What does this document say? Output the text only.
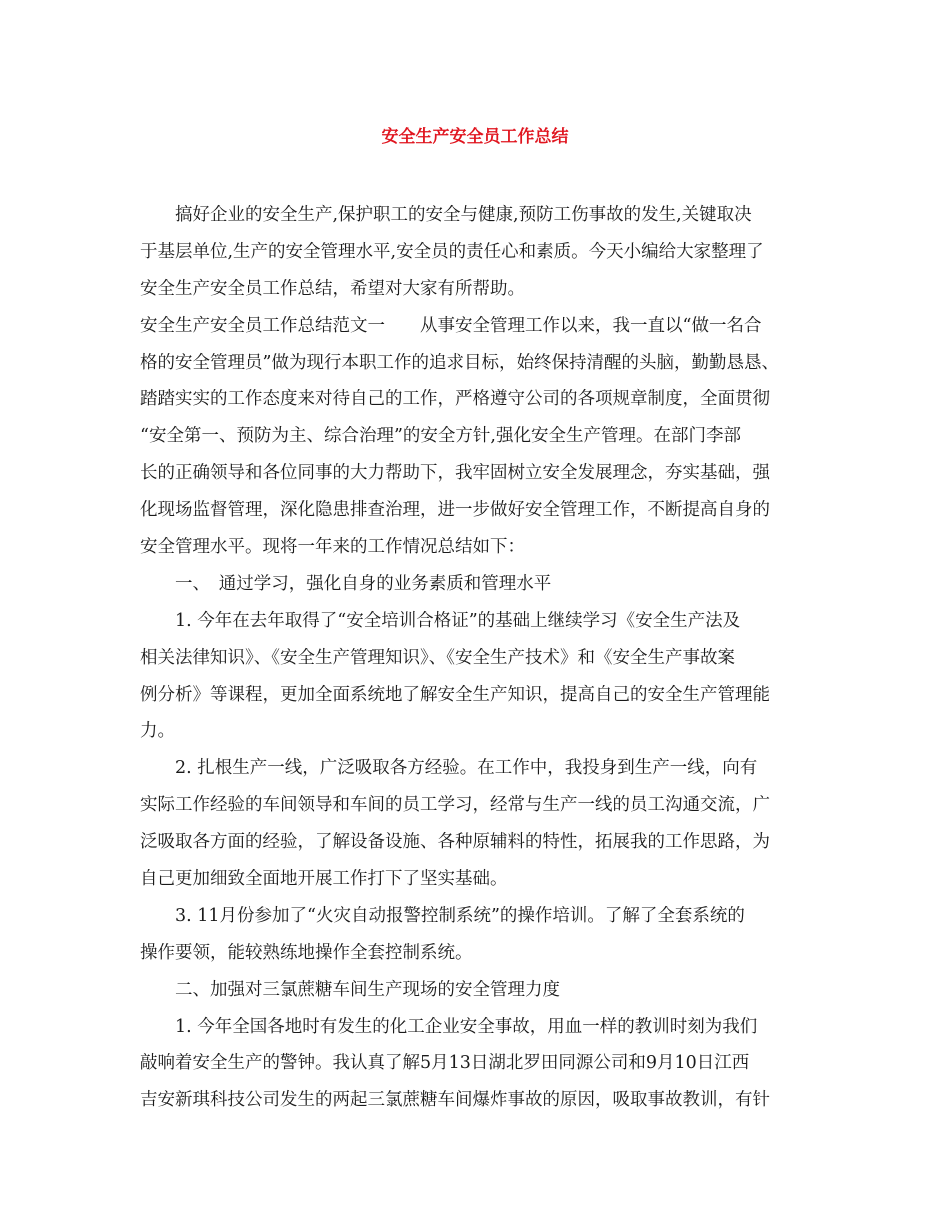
安全生产安全员工作总结
　　搞好企业的安全生产,保护职工的安全与健康,预防工伤事故的发生,关键取决
于基层单位,生产的安全管理水平,安全员的责任心和素质。今天小编给大家整理了
安全生产安全员工作总结，希望对大家有所帮助。
安全生产安全员工作总结范文一　　从事安全管理工作以来，我一直以“做一名合
格的安全管理员”做为现行本职工作的追求目标，始终保持清醒的头脑，勤勤恳恳、
踏踏实实的工作态度来对待自己的工作，严格遵守公司的各项规章制度，全面贯彻
“安全第一、预防为主、综合治理”的安全方针,强化安全生产管理。在部门李部
长的正确领导和各位同事的大力帮助下，我牢固树立安全发展理念，夯实基础，强
化现场监督管理，深化隐患排查治理，进一步做好安全管理工作，不断提高自身的
安全管理水平。现将一年来的工作情况总结如下：
　　一、　通过学习，强化自身的业务素质和管理水平
　　1. 今年在去年取得了“安全培训合格证”的基础上继续学习《安全生产法及
相关法律知识》、《安全生产管理知识》、《安全生产技术》和《安全生产事故案
例分析》等课程，更加全面系统地了解安全生产知识，提高自己的安全生产管理能
力。
　　2. 扎根生产一线，广泛吸取各方经验。在工作中，我投身到生产一线，向有
实际工作经验的车间领导和车间的员工学习，经常与生产一线的员工沟通交流，广
泛吸取各方面的经验，了解设备设施、各种原辅料的特性，拓展我的工作思路，为
自己更加细致全面地开展工作打下了坚实基础。
　　3. 11月份参加了“火灾自动报警控制系统”的操作培训。了解了全套系统的
操作要领，能较熟练地操作全套控制系统。
　　二、加强对三氯蔗糖车间生产现场的安全管理力度
　　1. 今年全国各地时有发生的化工企业安全事故，用血一样的教训时刻为我们
敲响着安全生产的警钟。我认真了解5月13日湖北罗田同源公司和9月10日江西
吉安新琪科技公司发生的两起三氯蔗糖车间爆炸事故的原因，吸取事故教训，有针
